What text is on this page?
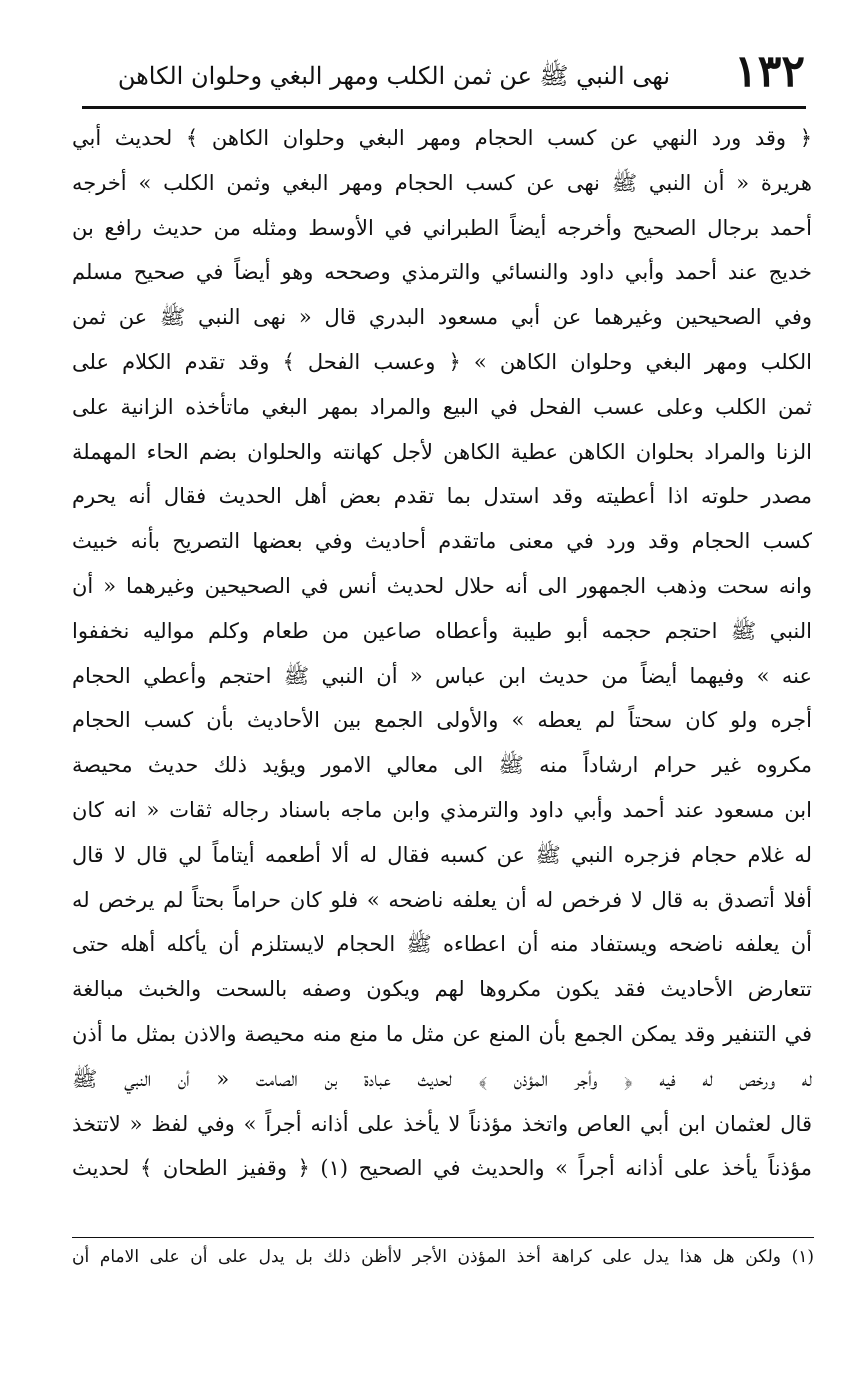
١٣٢
نهى النبي ﷺ عن ثمن الكلب ومهر البغي وحلوان الكاهن
﴿ وقد ورد النهي عن كسب الحجام ومهر البغي وحلوان الكاهن ﴾ لحديث أبي
هريرة « أن النبي ﷺ نهى عن كسب الحجام ومهر البغي وثمن الكلب » أخرجه
أحمد برجال الصحيح وأخرجه أيضاً الطبراني في الأوسط ومثله من حديث رافع بن
خديج عند أحمد وأبي داود والنسائي والترمذي وصححه وهو أيضاً في صحيح مسلم
وفي الصحيحين وغيرهما عن أبي مسعود البدري قال « نهى النبي ﷺ عن ثمن
الكلب ومهر البغي وحلوان الكاهن » ﴿ وعسب الفحل ﴾ وقد تقدم الكلام على
ثمن الكلب وعلى عسب الفحل في البيع والمراد بمهر البغي ماتأخذه الزانية على
الزنا والمراد بحلوان الكاهن عطية الكاهن لأجل كهانته والحلوان بضم الحاء المهملة
مصدر حلوته اذا أعطيته وقد استدل بما تقدم بعض أهل الحديث فقال أنه يحرم
كسب الحجام وقد ورد في معنى ماتقدم أحاديث وفي بعضها التصريح بأنه خبيث
وانه سحت وذهب الجمهور الى أنه حلال لحديث أنس في الصحيحين وغيرهما « أن
النبي ﷺ احتجم حجمه أبو طيبة وأعطاه صاعين من طعام وكلم مواليه نخففوا
عنه » وفيهما أيضاً من حديث ابن عباس « أن النبي ﷺ احتجم وأعطي الحجام
أجره ولو كان سحتاً لم يعطه » والأولى الجمع بين الأحاديث بأن كسب الحجام
مكروه غير حرام ارشاداً منه ﷺ الى معالي الامور ويؤيد ذلك حديث محيصة
ابن مسعود عند أحمد وأبي داود والترمذي وابن ماجه باسناد رجاله ثقات « انه كان
له غلام حجام فزجره النبي ﷺ عن كسبه فقال له ألا أطعمه أيتاماً لي قال لا قال
أفلا أتصدق به قال لا فرخص له أن يعلفه ناضحه » فلو كان حراماً بحتاً لم يرخص له
أن يعلفه ناضحه ويستفاد منه أن اعطاءه ﷺ الحجام لايستلزم أن يأكله أهله حتى
تتعارض الأحاديث فقد يكون مكروها لهم ويكون وصفه بالسحت والخبث مبالغة
في التنفير وقد يمكن الجمع بأن المنع عن مثل ما منع منه محيصة والاذن بمثل ما أذن
له ورخص له فيه ﴿ وأجر المؤذن ﴾ لحديث عبادة بن الصامت « أن النبي ﷺ
قال لعثمان ابن أبي العاص واتخذ مؤذناً لا يأخذ على أذانه أجراً » وفي لفظ « لاتتخذ
مؤذناً يأخذ على أذانه أجراً » والحديث في الصحيح (١) ﴿ وقفيز الطحان ﴾ لحديث
(١) ولكن هل هذا يدل على كراهة أخذ المؤذن الأجر لاأظن ذلك بل يدل على أن على الامام أن
